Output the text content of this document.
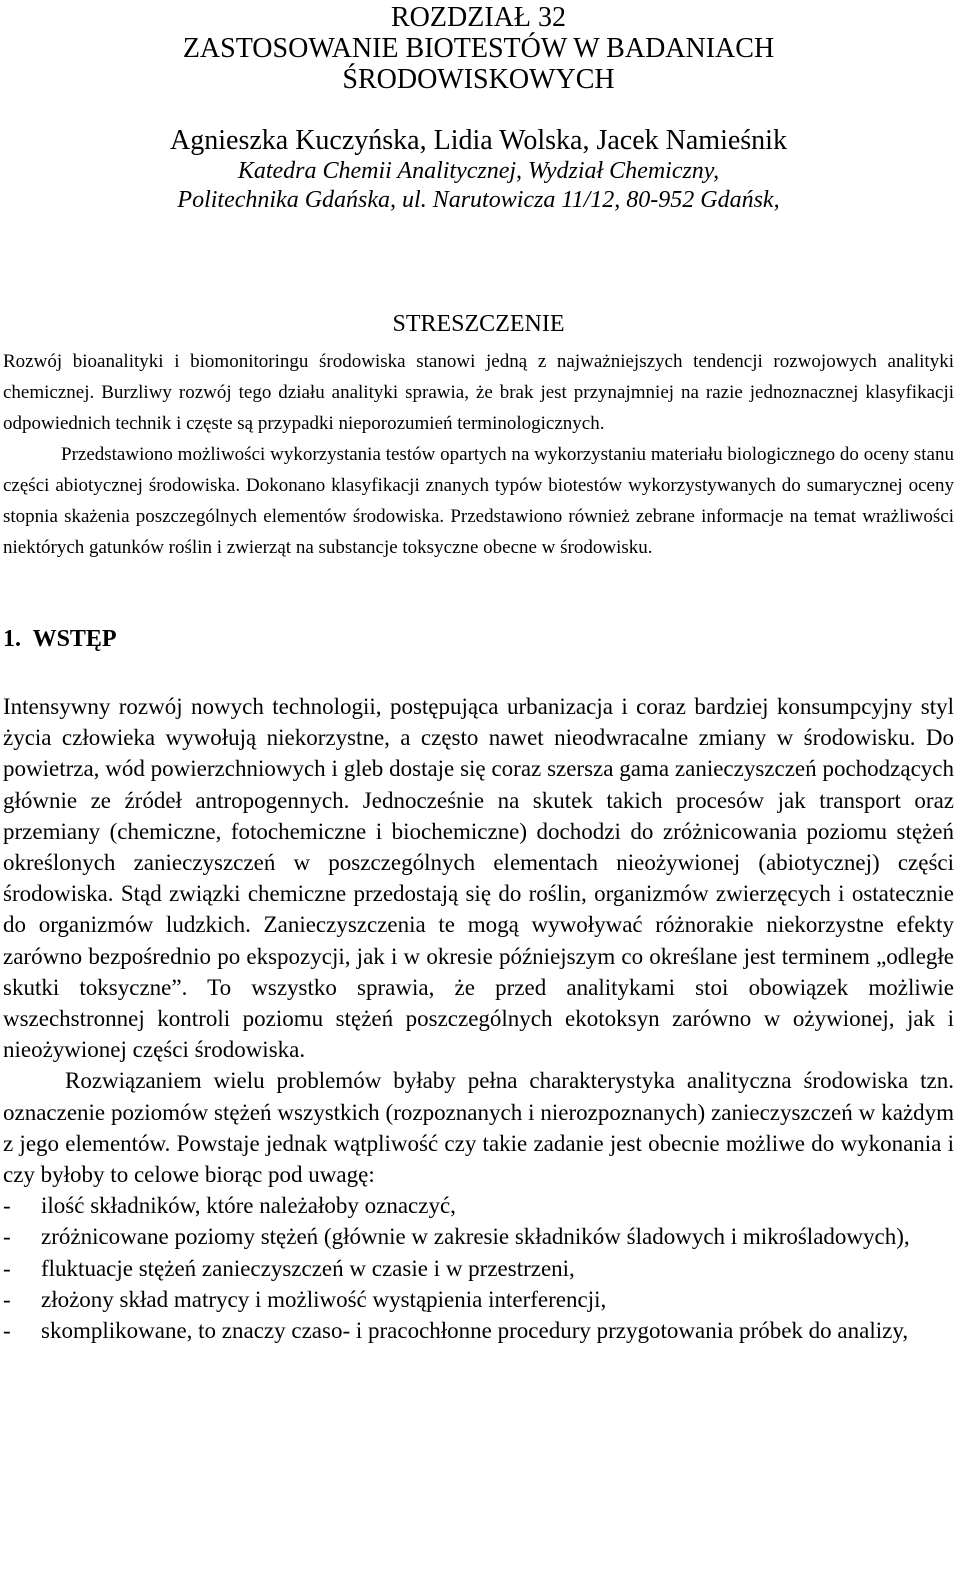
ROZDZIAŁ 32
ZASTOSOWANIE BIOTESTÓW W BADANIACH
ŚRODOWISKOWYCH
Agnieszka Kuczyńska, Lidia Wolska, Jacek Namieśnik
Katedra Chemii Analitycznej, Wydział Chemiczny,
Politechnika Gdańska, ul. Narutowicza 11/12, 80-952 Gdańsk,
STRESZCZENIE

Rozwój bioanalityki i biomonitoringu środowiska stanowi jedną z najważniejszych tendencji rozwojowych analityki chemicznej. Burzliwy rozwój tego działu analityki sprawia, że brak jest przynajmniej na razie jednoznacznej klasyfikacji odpowiednich technik i częste są przypadki nieporozumień terminologicznych.

Przedstawiono możliwości wykorzystania testów opartych na wykorzystaniu materiału biologicznego do oceny stanu części abiotycznej środowiska. Dokonano klasyfikacji znanych typów biotestów wykorzystywanych do sumarycznej oceny stopnia skażenia poszczególnych elementów środowiska. Przedstawiono również zebrane informacje na temat wrażliwości niektórych gatunków roślin i zwierząt na substancje toksyczne obecne w środowisku.

1.  WSTĘP

Intensywny rozwój nowych technologii, postępująca urbanizacja i coraz bardziej konsumpcyjny styl życia człowieka wywołują niekorzystne, a często nawet nieodwracalne zmiany w środowisku. Do powietrza, wód powierzchniowych i gleb dostaje się coraz szersza gama zanieczyszczeń pochodzących głównie ze źródeł antropogennych. Jednocześnie na skutek takich procesów jak transport oraz przemiany (chemiczne, fotochemiczne i biochemiczne) dochodzi do zróżnicowania poziomu stężeń określonych zanieczyszczeń w poszczególnych elementach nieożywionej (abiotycznej) części środowiska. Stąd związki chemiczne przedostają się do roślin, organizmów zwierzęcych i ostatecznie do organizmów ludzkich. Zanieczyszczenia te mogą wywoływać różnorakie niekorzystne efekty zarówno bezpośrednio po ekspozycji, jak i w okresie późniejszym co określane jest terminem „odległe skutki toksyczne”. To wszystko sprawia, że przed analitykami stoi obowiązek możliwie wszechstronnej kontroli poziomu stężeń poszczególnych ekotoksyn zarówno w ożywionej, jak i nieożywionej części środowiska.

Rozwiązaniem wielu problemów byłaby pełna charakterystyka analityczna środowiska tzn. oznaczenie poziomów stężeń wszystkich (rozpoznanych i nierozpoznanych) zanieczyszczeń w każdym z jego elementów. Powstaje jednak wątpliwość czy takie zadanie jest obecnie możliwe do wykonania i czy byłoby to celowe biorąc pod uwagę:

- ilość składników, które należałoby oznaczyć,
- zróżnicowane poziomy stężeń (głównie w zakresie składników śladowych i mikrośladowych),
- fluktuacje stężeń zanieczyszczeń w czasie i w przestrzeni,
- złożony skład matrycy i możliwość wystąpienia interferencji,
- skomplikowane, to znaczy czaso- i pracochłonne procedury przygotowania próbek do analizy,
